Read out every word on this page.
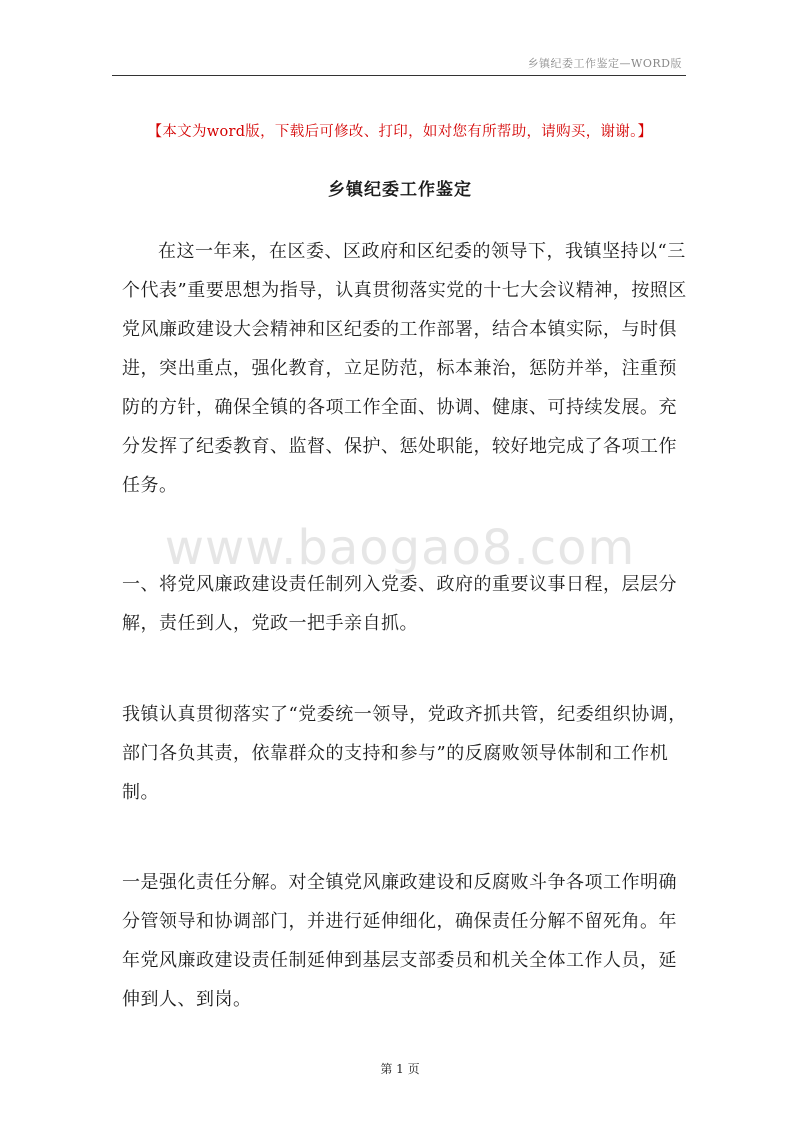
乡镇纪委工作鉴定—WORD版
【本文为word版，下载后可修改、打印，如对您有所帮助，请购买，谢谢。】
乡镇纪委工作鉴定

在这一年来，在区委、区政府和区纪委的领导下，我镇坚持以“三个代表”重要思想为指导，认真贯彻落实党的十七大会议精神，按照区党风廉政建设大会精神和区纪委的工作部署，结合本镇实际，与时俱进，突出重点，强化教育，立足防范，标本兼治，惩防并举，注重预防的方针，确保全镇的各项工作全面、协调、健康、可持续发展。充分发挥了纪委教育、监督、保护、惩处职能，较好地完成了各项工作任务。

www.baogao8.com

一、将党风廉政建设责任制列入党委、政府的重要议事日程，层层分解，责任到人，党政一把手亲自抓。

我镇认真贯彻落实了“党委统一领导，党政齐抓共管，纪委组织协调，部门各负其责，依靠群众的支持和参与”的反腐败领导体制和工作机制。

一是强化责任分解。对全镇党风廉政建设和反腐败斗争各项工作明确分管领导和协调部门，并进行延伸细化，确保责任分解不留死角。年年党风廉政建设责任制延伸到基层支部委员和机关全体工作人员，延伸到人、到岗。

第 1 页
